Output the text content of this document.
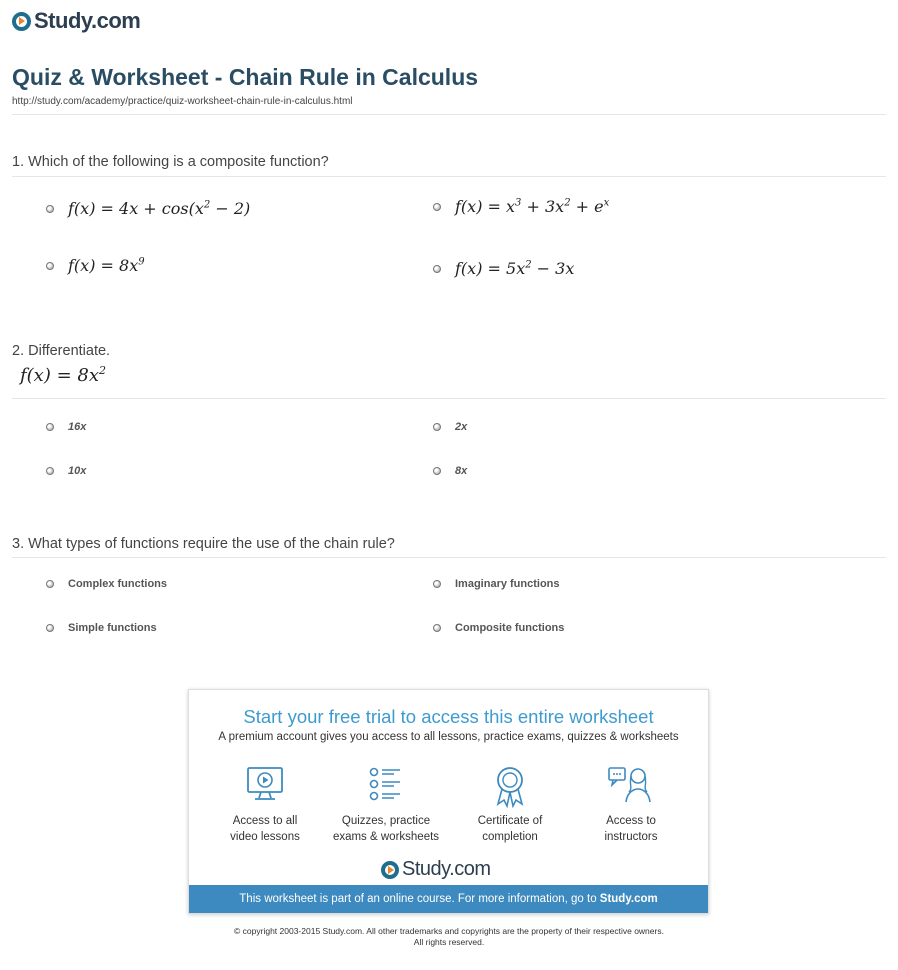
Study.com
Quiz & Worksheet - Chain Rule in Calculus
http://study.com/academy/practice/quiz-worksheet-chain-rule-in-calculus.html
1. Which of the following is a composite function?
$f(x) = 4x + \cos(x^2 - 2)$	$f(x) = x^3 + 3x^2 + e^x$
$f(x) = 8x^9$	$f(x) = 5x^2 - 3x$
2. Differentiate.
$f(x) = 8x^2$
16x	2x
10x	8x
3. What types of functions require the use of the chain rule?
Complex functions	Imaginary functions
Simple functions	Composite functions
Start your free trial to access this entire worksheet
A premium account gives you access to all lessons, practice exams, quizzes & worksheets
Access to all
video lessons
Quizzes, practice
exams & worksheets
Certificate of
completion
Access to
instructors
Study.com
This worksheet is part of an online course. For more information, go to Study.com
© copyright 2003-2015 Study.com. All other trademarks and copyrights are the property of their respective owners.
All rights reserved.
